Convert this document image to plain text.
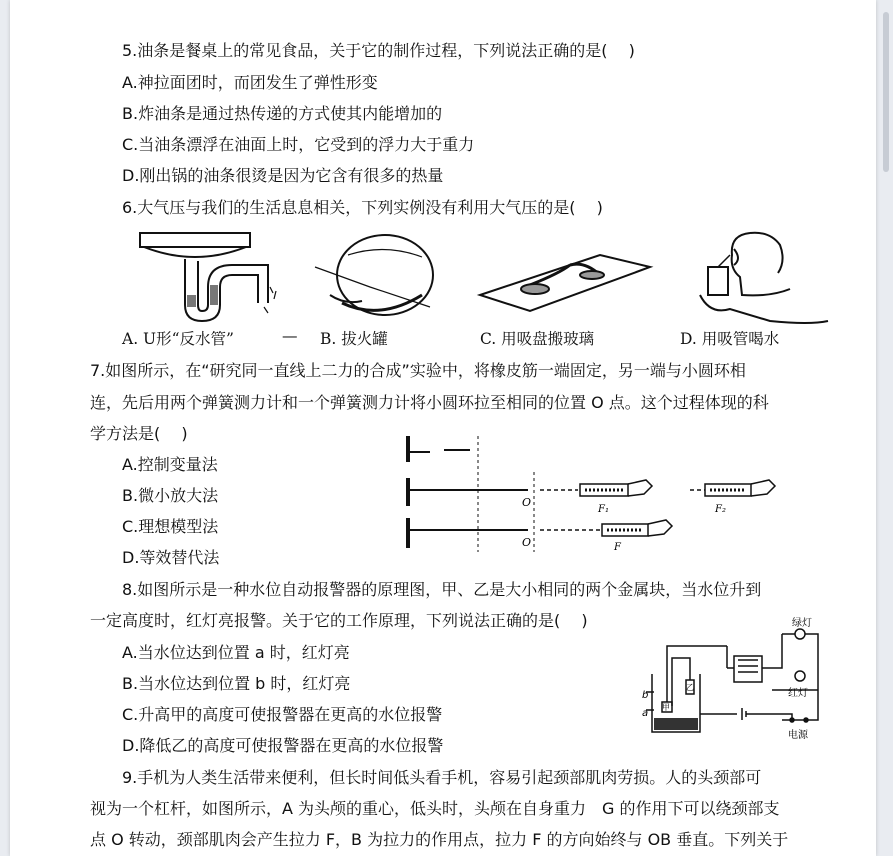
5.油条是餐桌上的常见食品，关于它的制作过程，下列说法正确的是(　 )
A.神拉面团时，而团发生了弹性形变
B.炸油条是通过热传递的方式使其内能增加的
C.当油条漂浮在油面上时，它受到的浮力大于重力
D.刚出锅的油条很烫是因为它含有很多的热量
6.大气压与我们的生活息息相关，下列实例没有利用大气压的是(　 )
A. U形“反水管”	— B. 拔火罐	C. 用吸盘搬玻璃	D. 用吸管喝水
7.如图所示，在“研究同一直线上二力的合成”实验中，将橡皮筋一端固定，另一端与小圆环相
连，先后用两个弹簧测力计和一个弹簧测力计将小圆环拉至相同的位置 O 点。这个过程体现的科
学方法是(　 )
A.控制变量法
B.微小放大法
C.理想模型法
D.等效替代法
O
O
F₁	F₂
F
8.如图所示是一种水位自动报警器的原理图，甲、乙是大小相同的两个金属块，当水位升到
一定高度时，红灯亮报警。关于它的工作原理，下列说法正确的是(　 )
A.当水位达到位置 a 时，红灯亮
B.当水位达到位置 b 时，红灯亮
C.升高甲的高度可使报警器在更高的水位报警
D.降低乙的高度可使报警器在更高的水位报警
绿灯
红灯
电源
b
a
甲
乙
9.手机为人类生活带来便利，但长时间低头看手机，容易引起颈部肌肉劳损。人的头颈部可
视为一个杠杆，如图所示，A 为头颅的重心，低头时，头颅在自身重力　G 的作用下可以绕颈部支
点 O 转动，颈部肌肉会产生拉力 F，B 为拉力的作用点，拉力 F 的方向始终与 OB 垂直。下列关于
